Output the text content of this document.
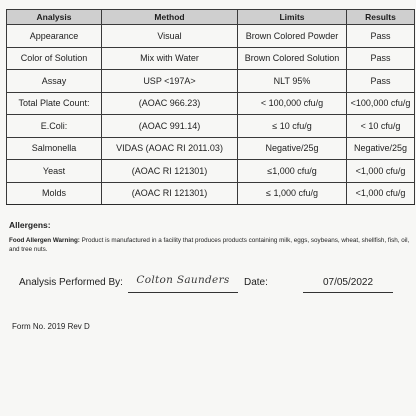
Analysis	Method	Limits	Results
Appearance	Visual	Brown Colored Powder	Pass
Color of Solution	Mix with Water	Brown Colored Solution	Pass
Assay	USP <197A>	NLT 95%	Pass
Total Plate Count:	(AOAC 966.23)	< 100,000 cfu/g	<100,000 cfu/g
E.Coli:	(AOAC 991.14)	≤ 10 cfu/g	< 10 cfu/g
Salmonella	VIDAS (AOAC RI 2011.03)	Negative/25g	Negative/25g
Yeast	(AOAC RI 121301)	≤1,000 cfu/g	<1,000 cfu/g
Molds	(AOAC RI 121301)	≤ 1,000 cfu/g	<1,000 cfu/g
Allergens:
Food Allergen Warning: Product is manufactured in a facility that produces products containing milk, eggs, soybeans, wheat, shellfish, fish, oil, and tree nuts.
Analysis Performed By:	Colton Saunders	Date:	07/05/2022
Form No. 2019 Rev D
